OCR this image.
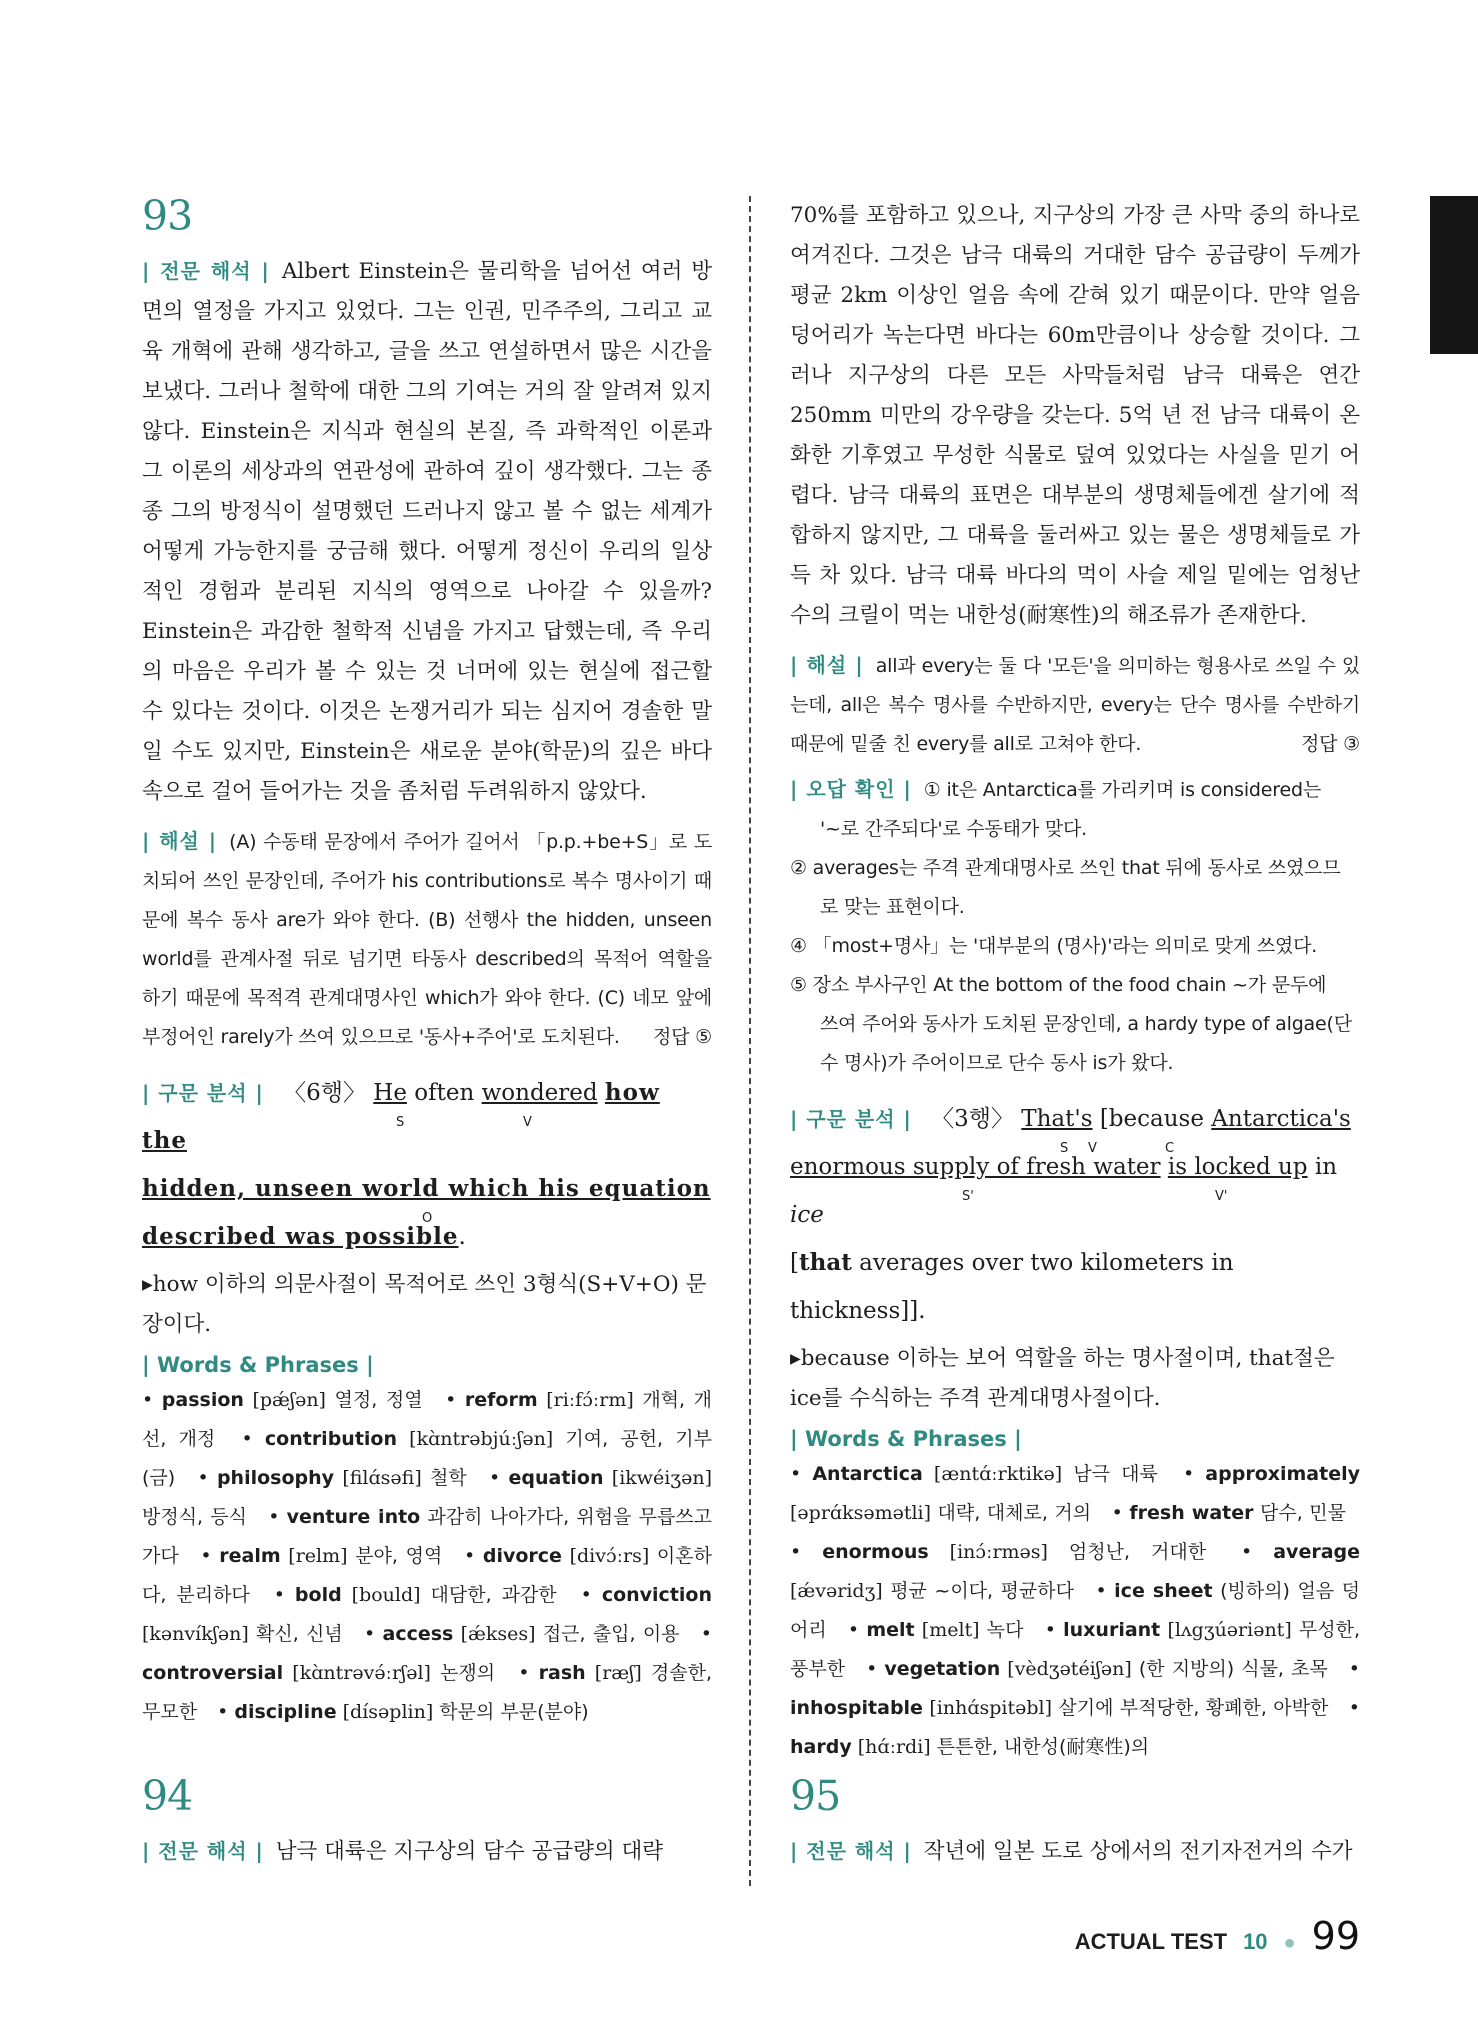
93
| 전문 해석 | Albert Einstein은 물리학을 넘어선 여러 방면의 열정을 가지고 있었다. 그는 인권, 민주주의, 그리고 교육 개혁에 관해 생각하고, 글을 쓰고 연설하면서 많은 시간을 보냈다. 그러나 철학에 대한 그의 기여는 거의 잘 알려져 있지 않다. Einstein은 지식과 현실의 본질, 즉 과학적인 이론과 그 이론의 세상과의 연관성에 관하여 깊이 생각했다. 그는 종종 그의 방정식이 설명했던 드러나지 않고 볼 수 없는 세계가 어떻게 가능한지를 궁금해 했다. 어떻게 정신이 우리의 일상적인 경험과 분리된 지식의 영역으로 나아갈 수 있을까? Einstein은 과감한 철학적 신념을 가지고 답했는데, 즉 우리의 마음은 우리가 볼 수 있는 것 너머에 있는 현실에 접근할 수 있다는 것이다. 이것은 논쟁거리가 되는 심지어 경솔한 말일 수도 있지만, Einstein은 새로운 분야(학문)의 깊은 바다 속으로 걸어 들어가는 것을 좀처럼 두려워하지 않았다.
| 해설 | (A) 수동태 문장에서 주어가 길어서 「p.p.+be+S」로 도치되어 쓰인 문장인데, 주어가 his contributions로 복수 명사이기 때문에 복수 동사 are가 와야 한다. (B) 선행사 the hidden, unseen world를 관계사절 뒤로 넘기면 타동사 described의 목적어 역할을 하기 때문에 목적격 관계대명사인 which가 와야 한다. (C) 네모 앞에 부정어인 rarely가 쓰여 있으므로 '동사+주어'로 도치된다. 정답 ⑤
| 구문 분석 | 〈6행〉 He often wondered how the
S	V
hidden, unseen world which his equation
O
described was possible.
▸how 이하의 의문사절이 목적어로 쓰인 3형식(S+V+O) 문장이다.
| Words & Phrases |
• passion [pǽʃən] 열정, 정열 • reform [riːfɔ́ːrm] 개혁, 개선, 개정 • contribution [kɑ̀ntrəbjúːʃən] 기여, 공헌, 기부(금) • philosophy [filɑ́səfi] 철학 • equation [ikwéiʒən] 방정식, 등식 • venture into 과감히 나아가다, 위험을 무릅쓰고 가다 • realm [relm] 분야, 영역 • divorce [divɔ́ːrs] 이혼하다, 분리하다 • bold [bould] 대담한, 과감한 • conviction [kənvíkʃən] 확신, 신념 • access [ǽkses] 접근, 출입, 이용 • controversial [kɑ̀ntrəvə́ːrʃəl] 논쟁의 • rash [ræʃ] 경솔한, 무모한 • discipline [dísəplin] 학문의 부문(분야)
94
| 전문 해석 | 남극 대륙은 지구상의 담수 공급량의 대략
70%를 포함하고 있으나, 지구상의 가장 큰 사막 중의 하나로 여겨진다. 그것은 남극 대륙의 거대한 담수 공급량이 두께가 평균 2km 이상인 얼음 속에 갇혀 있기 때문이다. 만약 얼음 덩어리가 녹는다면 바다는 60m만큼이나 상승할 것이다. 그러나 지구상의 다른 모든 사막들처럼 남극 대륙은 연간 250mm 미만의 강우량을 갖는다. 5억 년 전 남극 대륙이 온화한 기후였고 무성한 식물로 덮여 있었다는 사실을 믿기 어렵다. 남극 대륙의 표면은 대부분의 생명체들에겐 살기에 적합하지 않지만, 그 대륙을 둘러싸고 있는 물은 생명체들로 가득 차 있다. 남극 대륙 바다의 먹이 사슬 제일 밑에는 엄청난 수의 크릴이 먹는 내한성(耐寒性)의 해조류가 존재한다.
| 해설 | all과 every는 둘 다 '모든'을 의미하는 형용사로 쓰일 수 있는데, all은 복수 명사를 수반하지만, every는 단수 명사를 수반하기 때문에 밑줄 친 every를 all로 고쳐야 한다.	정답 ③
| 오답 확인 | ① it은 Antarctica를 가리키며 is considered는
'~로 간주되다'로 수동태가 맞다.
② averages는 주격 관계대명사로 쓰인 that 뒤에 동사로 쓰였으므
로 맞는 표현이다.
④ 「most+명사」는 '대부분의 (명사)'라는 의미로 맞게 쓰였다.
⑤ 장소 부사구인 At the bottom of the food chain ~가 문두에
쓰여 주어와 동사가 도치된 문장인데, a hardy type of algae(단
수 명사)가 주어이므로 단수 동사 is가 왔다.
| 구문 분석 | 〈3행〉 That's [because Antarctica's
S V	C
enormous supply of fresh water is locked up in ice
S'	V'
[that averages over two kilometers in thickness]].
▸because 이하는 보어 역할을 하는 명사절이며, that절은 ice를 수식하는 주격 관계대명사절이다.
| Words & Phrases |
• Antarctica [æntɑ́ːrktikə] 남극 대륙 • approximately [əprɑ́ksəmətli] 대략, 대체로, 거의 • fresh water 담수, 민물 • enormous [inɔ́ːrməs] 엄청난, 거대한 • average [ǽvəridʒ] 평균 ~이다, 평균하다 • ice sheet (빙하의) 얼음 덩어리 • melt [melt] 녹다 • luxuriant [lʌgʒúəriənt] 무성한, 풍부한 • vegetation [vèdʒətéiʃən] (한 지방의) 식물, 초목 • inhospitable [inhɑ́spitəbl] 살기에 부적당한, 황폐한, 아박한 • hardy [hɑ́ːrdi] 튼튼한, 내한성(耐寒性)의
95
| 전문 해석 | 작년에 일본 도로 상에서의 전기자전거의 수가
ACTUAL TEST 10 ● 99
